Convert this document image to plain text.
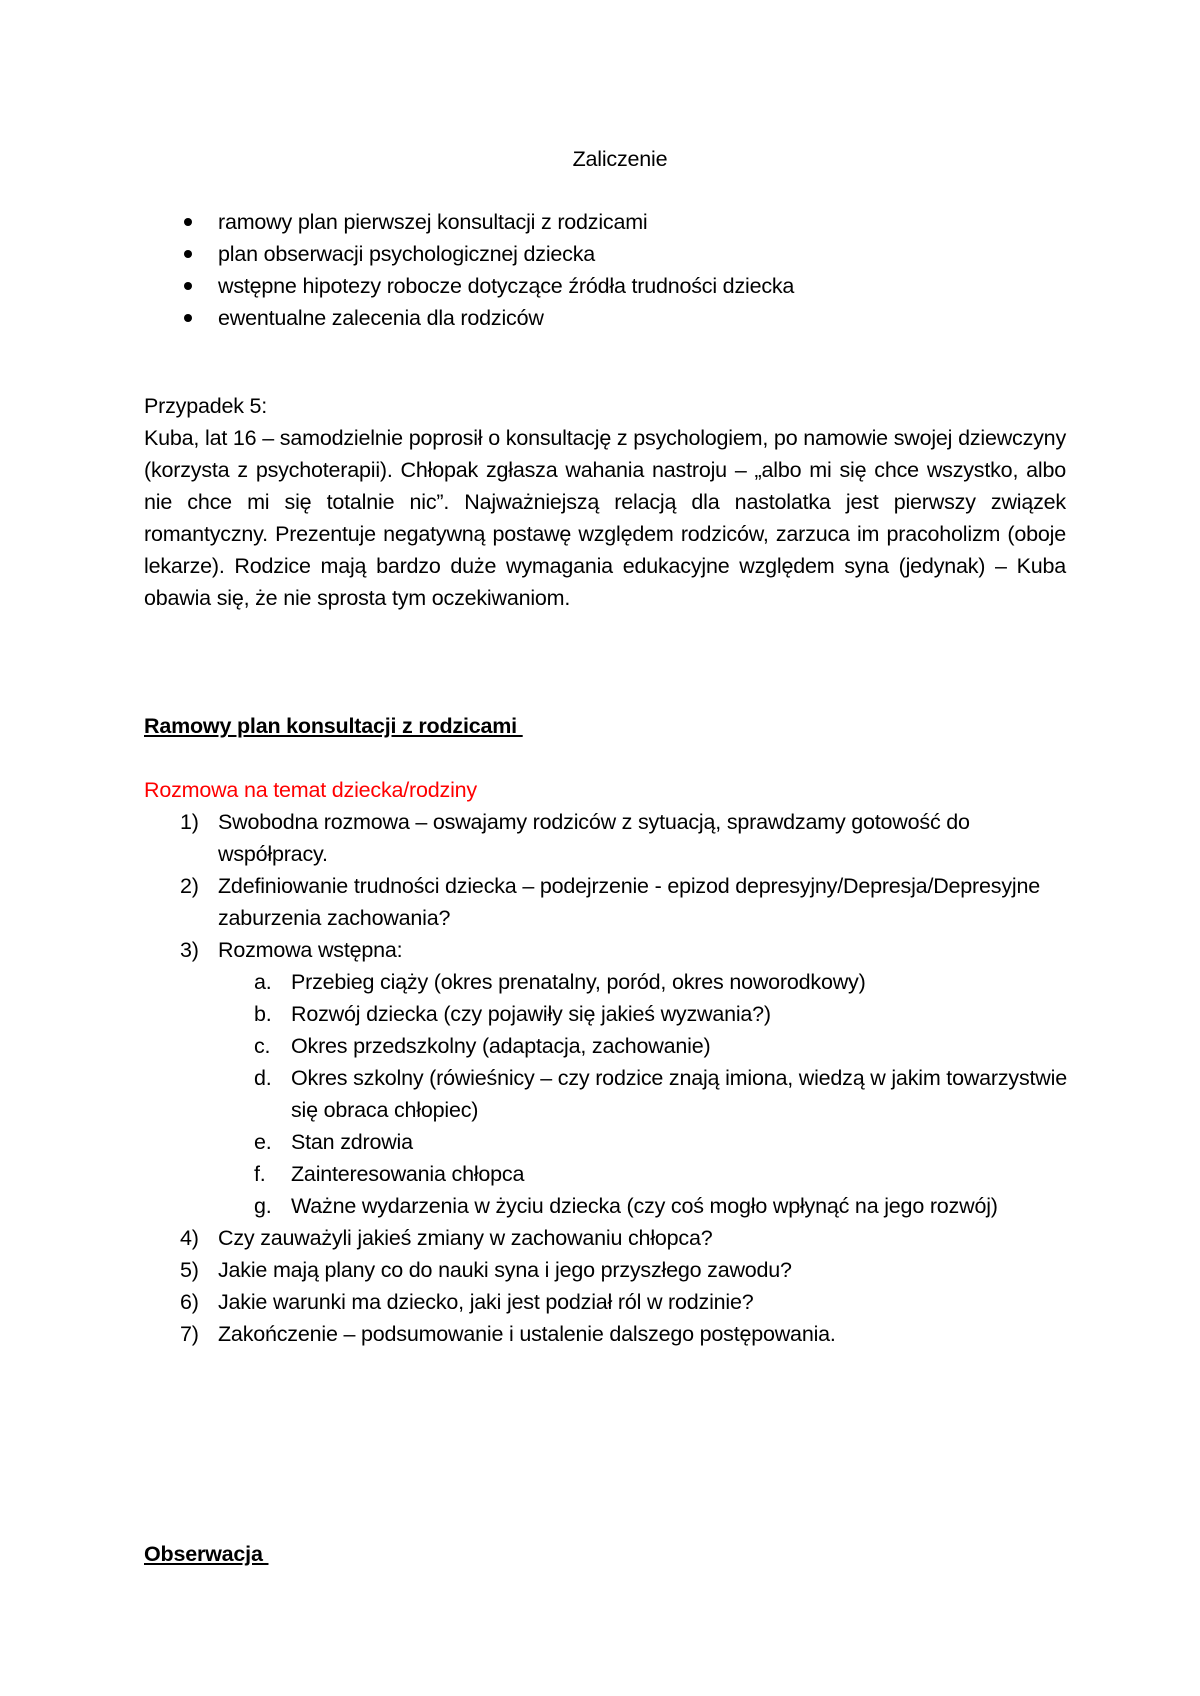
Zaliczenie
ramowy plan pierwszej konsultacji z rodzicami
plan obserwacji psychologicznej dziecka
wstępne hipotezy robocze dotyczące źródła trudności dziecka
ewentualne zalecenia dla rodziców
Przypadek 5:
Kuba, lat 16 – samodzielnie poprosił o konsultację z psychologiem, po namowie swojej dziewczyny (korzysta z psychoterapii). Chłopak zgłasza wahania nastroju – „albo mi się chce wszystko, albo nie chce mi się totalnie nic”. Najważniejszą relacją dla nastolatka jest pierwszy związek romantyczny. Prezentuje negatywną postawę względem rodziców, zarzuca im pracoholizm (oboje lekarze). Rodzice mają bardzo duże wymagania edukacyjne względem syna (jedynak) – Kuba obawia się, że nie sprosta tym oczekiwaniom.
Ramowy plan konsultacji z rodzicami
Rozmowa na temat dziecka/rodziny
1) Swobodna rozmowa – oswajamy rodziców z sytuacją, sprawdzamy gotowość do współpracy.
2) Zdefiniowanie trudności dziecka – podejrzenie - epizod depresyjny/Depresja/Depresyjne zaburzenia zachowania?
3) Rozmowa wstępna:
a. Przebieg ciąży (okres prenatalny, poród, okres noworodkowy)
b. Rozwój dziecka (czy pojawiły się jakieś wyzwania?)
c. Okres przedszkolny (adaptacja, zachowanie)
d. Okres szkolny (rówieśnicy – czy rodzice znają imiona, wiedzą w jakim towarzystwie się obraca chłopiec)
e. Stan zdrowia
f. Zainteresowania chłopca
g. Ważne wydarzenia w życiu dziecka (czy coś mogło wpłynąć na jego rozwój)
4) Czy zauważyli jakieś zmiany w zachowaniu chłopca?
5) Jakie mają plany co do nauki syna i jego przyszłego zawodu?
6) Jakie warunki ma dziecko, jaki jest podział ról w rodzinie?
7) Zakończenie – podsumowanie i ustalenie dalszego postępowania.
Obserwacja
